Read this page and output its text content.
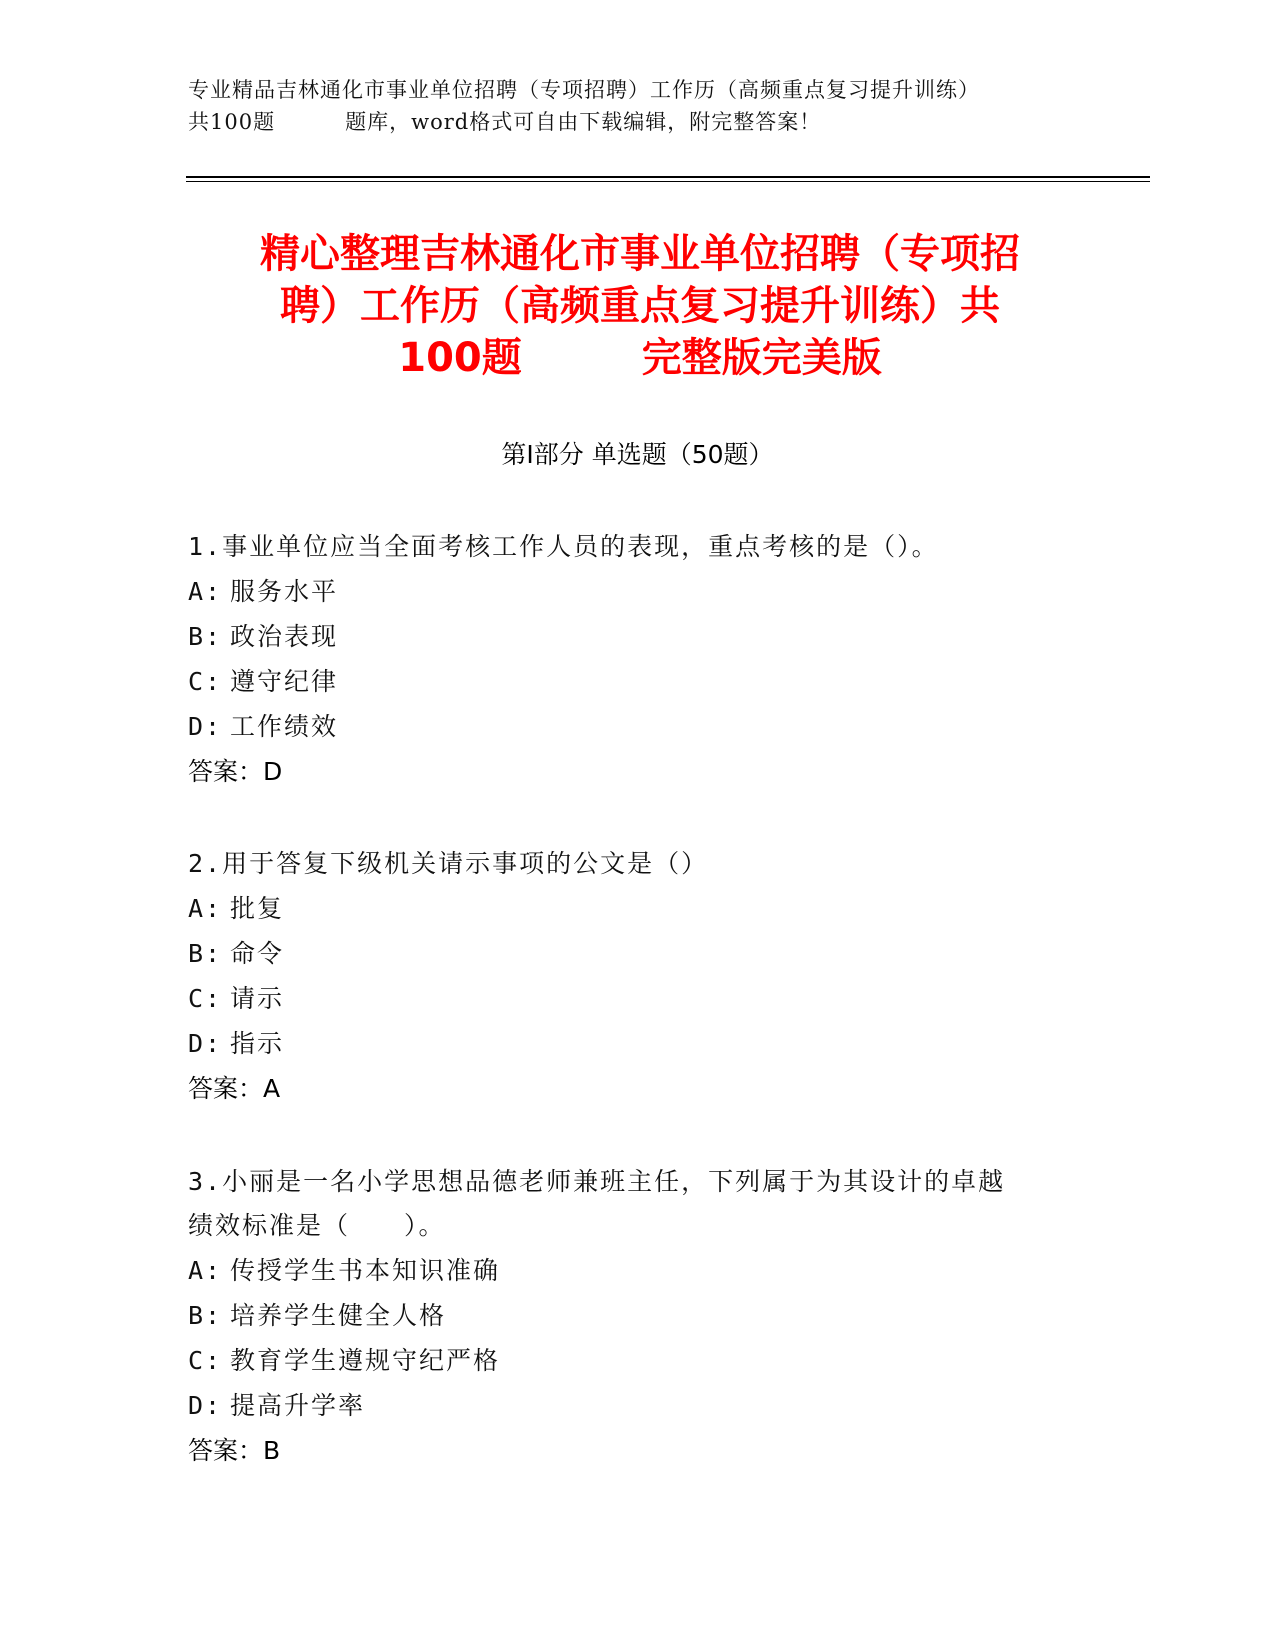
专业精品吉林通化市事业单位招聘（专项招聘）工作历（高频重点复习提升训练）
共100题	题库，word格式可自由下载编辑，附完整答案！
精心整理吉林通化市事业单位招聘（专项招
聘）工作历（高频重点复习提升训练）共
100题	完整版完美版
第Ⅰ部分 单选题（50题）
1.事业单位应当全面考核工作人员的表现，重点考核的是（）。
A: 服务水平
B: 政治表现
C: 遵守纪律
D: 工作绩效
答案：D
2.用于答复下级机关请示事项的公文是（）
A: 批复
B: 命令
C: 请示
D: 指示
答案：A
3.小丽是一名小学思想品德老师兼班主任，下列属于为其设计的卓越
绩效标准是（　　）。
A: 传授学生书本知识准确
B: 培养学生健全人格
C: 教育学生遵规守纪严格
D: 提高升学率
答案：B
